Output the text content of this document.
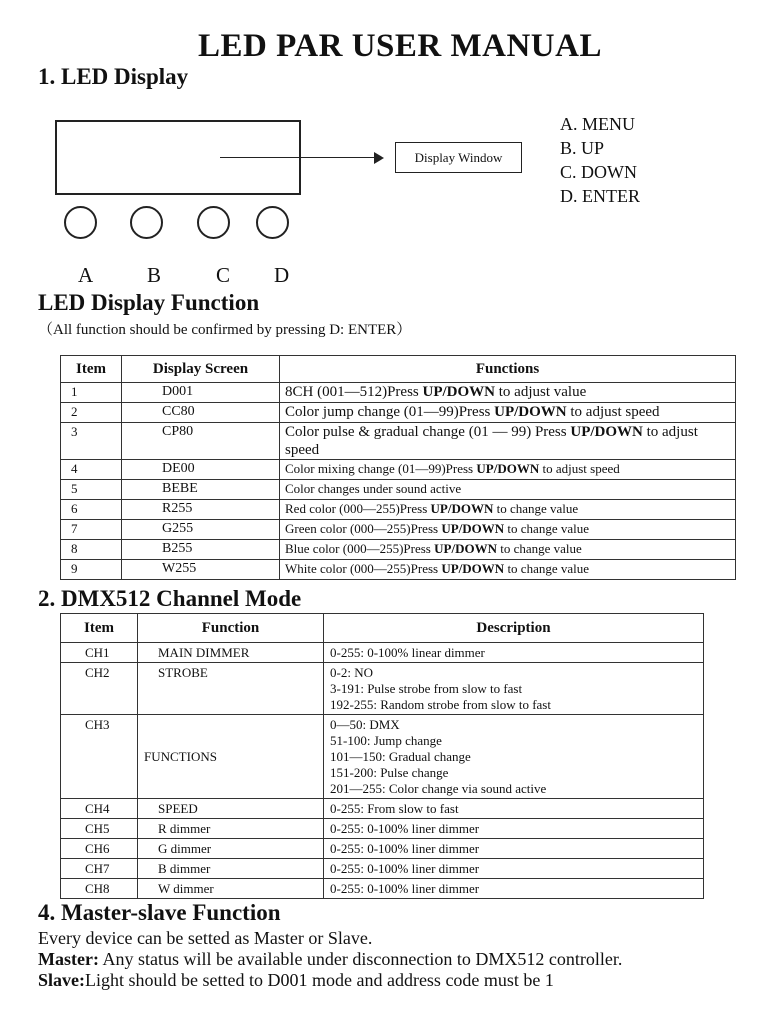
LED PAR USER MANUAL
1. LED Display
Display Window
A	B	C D
A. MENU
B. UP
C. DOWN
D. ENTER
LED Display Function
（All function should be confirmed by pressing D: ENTER）
Item	Display Screen	Functions
1	D001	8CH (001—512)Press UP/DOWN to adjust value
2	CC80	Color jump change (01—99)Press UP/DOWN to adjust speed
3	CP80	Color pulse & gradual change (01 — 99) Press UP/DOWN to adjust speed
4	DE00	Color mixing change (01—99)Press UP/DOWN to adjust speed
5	BEBE	Color changes under sound active
6	R255	Red color (000—255)Press UP/DOWN to change value
7	G255	Green color (000—255)Press UP/DOWN to change value
8	B255	Blue color (000—255)Press UP/DOWN to change value
9	W255	White color (000—255)Press UP/DOWN to change value
2. DMX512 Channel Mode
Item	Function	Description
CH1	MAIN DIMMER	0-255: 0-100% linear dimmer

CH2	STROBE	0-2: NO
3-191: Pulse strobe from slow to fast
192-255: Random strobe from slow to fast

CH3	FUNCTIONS	0—50: DMX
51-100: Jump change
101—150: Gradual change
151-200: Pulse change
201—255: Color change via sound active

CH4	SPEED	0-255: From slow to fast

CH5	R dimmer	0-255: 0-100% liner dimmer

CH6	G dimmer	0-255: 0-100% liner dimmer

CH7	B dimmer	0-255: 0-100% liner dimmer

CH8	W dimmer	0-255: 0-100% liner dimmer
4. Master-slave Function
Every device can be setted as Master or Slave.
Master: Any status will be available under disconnection to DMX512 controller.
Slave:Light should be setted to D001 mode and address code must be 1
